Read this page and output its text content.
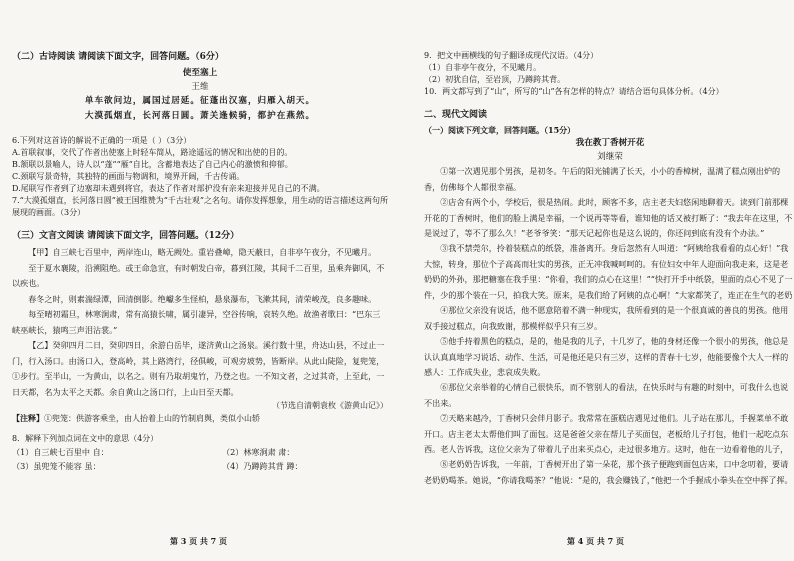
（二）古诗阅读 请阅读下面文字，回答问题。（6分）
使至塞上
王维
单车欲问边，属国过居延。征蓬出汉塞，归雁入胡天。
大漠孤烟直，长河落日圆。萧关逢候骑，都护在燕然。
6.下列对这首诗的解说不正确的一项是（ ）（3分）
A.首联叙事，交代了作者出使塞上时轻车简从，路途遥远的情况和出使的目的。
B.颔联以景喻人，诗人以“蓬”“雁”自比，含蓄地表达了自己内心的激愤和抑郁。
C.颈联写景奇特，其独特的画面与物调和，境界开阔，千古传诵。
D.尾联写作者到了边塞却未遇到将官，表达了作者对部护没有亲来迎接并见自己的不满。
7.“大漠孤烟直，长河落日圆”被王国维赞为“千古壮观”之名句。请你发挥想象，用生动的语言描述这两句所展现的画面。（3分）
（三）文言文阅读 请阅读下面文字，回答问题。（12分）
【甲】自三峡七百里中，两岸连山，略无阙处。重岩叠嶂，隐天蔽日，自非亭午夜分，不见曦月。
至于夏水襄陵，沿溯阻绝。或王命急宣，有时朝发白帝，暮到江陵，其间千二百里，虽乘奔御风，不以疾也。
春冬之时，则素湍绿潭，回清倒影。绝巘多生怪柏，悬泉瀑布，飞漱其间，清荣峻茂，良多趣味。
每至晴初霜旦，林寒涧肃，常有高猿长啸，属引凄异，空谷传响，哀转久绝。故渔者歌曰：“巴东三峡巫峡长，猿鸣三声泪沾裳。”
【乙】癸卯四月二日，癸卯四日，余游白岳毕，遂济黄山之汤泉。溪行数十里，舟达山县，不过止一门，行入汤口。由汤口入，登高岭，其上路湾行，径俱峻，可观旁坡势，皆断岸。从此山陡险，复兜笼，①步行。至半山，一为黄山，以名之。则有乃取胡鬼竹，乃登之也。一不知文者，之过其奇，上至此，一日天都，名为太平之天都。余自黄山之汤口行，上山日至天都。
（节选自清朝袁枚《游黄山记》）
【注释】①兜笼：供游客乘坐，由人抬着上山的竹制肩舆，类似小山轿
8．解释下列加点词在文中的意思（4分）
（1）自三峡七百里中 自：	（2）林寒涧肃 肃：
（3）虽兜笼不能容 虽：	（4）乃蹲跨其背 蹲：
第 3 页 共 7 页
9．把文中画横线的句子翻译成现代汉语。（4分）
（1）自非亭午夜分，不见曦月。
（2）初犹自信，至岩顶，乃蹲跨其背。
10．两文都写到了“山”，所写的“山”各有怎样的特点？请结合语句具体分析。（4分）
二、现代文阅读
（一）阅读下列文章，回答问题。（15分）
我在教丁香树开花
刘继荣
①第一次遇见那个男孩，是初冬。午后的阳光铺满了长天，小小的香樟树，温满了糕点刚出炉的香，仿佛每个人都很幸福。
②店舍有两个小，学校后，很是热闹。此时，顾客不多，店主老夫妇悠闲地聊着天。读到门前那棵开花的丁香树时，他们的脸上满是幸福，一个说再等等看，谁知他的话又被打断了：“我去年在这里，不是说过了，等不了那么久！”老爷爷笑：“那天记起你也是这么说的，你还问到底有没有个办法。”
③我不禁莞尔，拎着装糕点的纸袋，准备离开。身后忽然有人叫道：“阿姨给我看看的点心好！”我大惊，转身，那位个子高高而壮实的男孩，正无冲我喊呵呵的。有位妇女中年人迎面向我走来，这是老奶奶的外孙，那把糖塞在我手里：“你看，我们的点心在这里！”“快打开手中纸袋，里面的点心不见了一件，少的那个装在一只，拍我大笑。原来，是我们给了阿姨的点心啊！”大家都笑了，连正在生气的老奶
④那位父亲没有说话，他不愿意陪着不满一种现实，我所看到的是一个很真诚的善良的男孩。他用双手接过糕点，向我致谢，那模样似乎只有三岁。
⑤他手持着黑色的糕点，是的，他是我的儿子，十几岁了，他的身材还像一个很小的男孩，他总是认认真真地学习说话、动作、生活，可是他还是只有三岁，这样的青春十七岁，他能要像个大人一样的感人：工作成失业，悲哀成失败。
⑥那位父亲举着的心情自己很快乐，而不管别人的看法，在快乐时与有趣的时刻中，可我什么也说不出来。
⑦天略来越冷，丁香树只会伴月影子。我常常在蛋糕店遇见过他们。儿子站在那儿，手握菜单不敢开口。店主老太太帮他们叫了面包。这是爸爸父亲在帮儿子买面包，老板给儿子打包，他们一起吃点东西。老人告诉我，这位父亲为了带着儿子出来买点心，走过很多地方。这时，他在一边看着他的儿子，
⑧老奶奶告诉我，一年前，丁香树开出了第一朵花，那个孩子便跑到面包店来，口中念叨着，要请老奶奶喝茶。她说，“你请我喝茶？”他说：“是的，我会赚钱了，”他把一个手握成小拳头在空中挥了挥。
第 4 页 共 7 页
